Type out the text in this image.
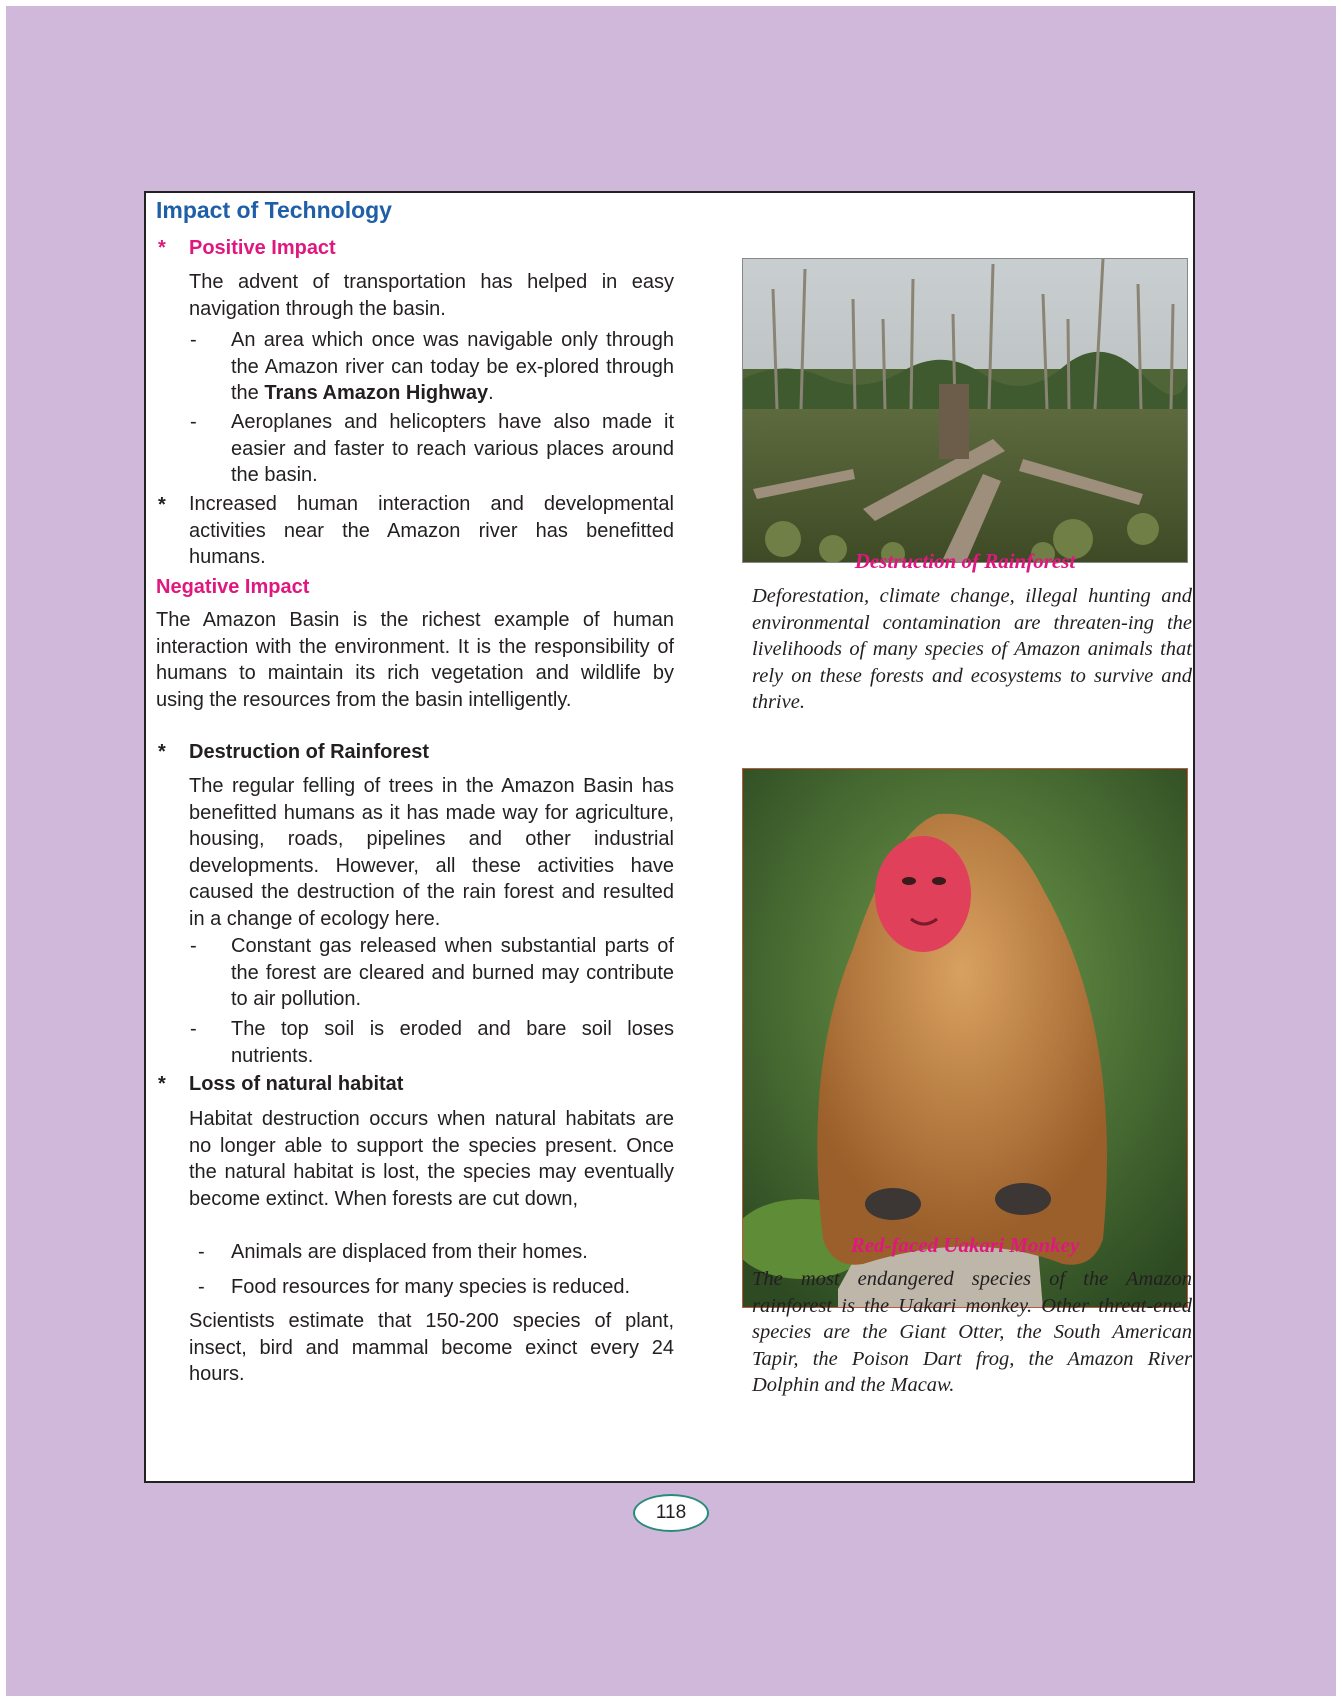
Impact of Technology
* Positive Impact

The advent of transportation has helped in easy navigation through the basin.

- An area which once was navigable only through the Amazon river can today be ex-plored through the Trans Amazon Highway.

- Aeroplanes and helicopters have also made it easier and faster to reach various places around the basin.

* Increased human interaction and developmental activities near the Amazon river has benefitted humans.

Negative Impact

The Amazon Basin is the richest example of human interaction with the environment. It is the responsibility of humans to maintain its rich vegetation and wildlife by using the resources from the basin intelligently.

* Destruction of Rainforest

The regular felling of trees in the Amazon Basin has benefitted humans as it has made way for agriculture, housing, roads, pipelines and other industrial developments. However, all these activities have caused the destruction of the rain forest and resulted in a change of ecology here.

- Constant gas released when substantial parts of the forest are cleared and burned may contribute to air pollution.

- The top soil is eroded and bare soil loses nutrients.

* Loss of natural habitat

Habitat destruction occurs when natural habitats are no longer able to support the species present. Once the natural habitat is lost, the species may eventually become extinct. When forests are cut down,

- Animals are displaced from their homes.

- Food resources for many species is reduced.

Scientists estimate that 150-200 species of plant, insect, bird and mammal become exinct every 24 hours.

Destruction of Rainforest

Deforestation, climate change, illegal hunting and environmental contamination are threaten-ing the livelihoods of many species of Amazon animals that rely on these forests and ecosystems to survive and thrive.

Red-faced Uakari Monkey

The most endangered species of the Amazon rainforest is the Uakari monkey. Other threat-ened species are the Giant Otter, the South American Tapir, the Poison Dart frog, the Amazon River Dolphin and the Macaw.

118
